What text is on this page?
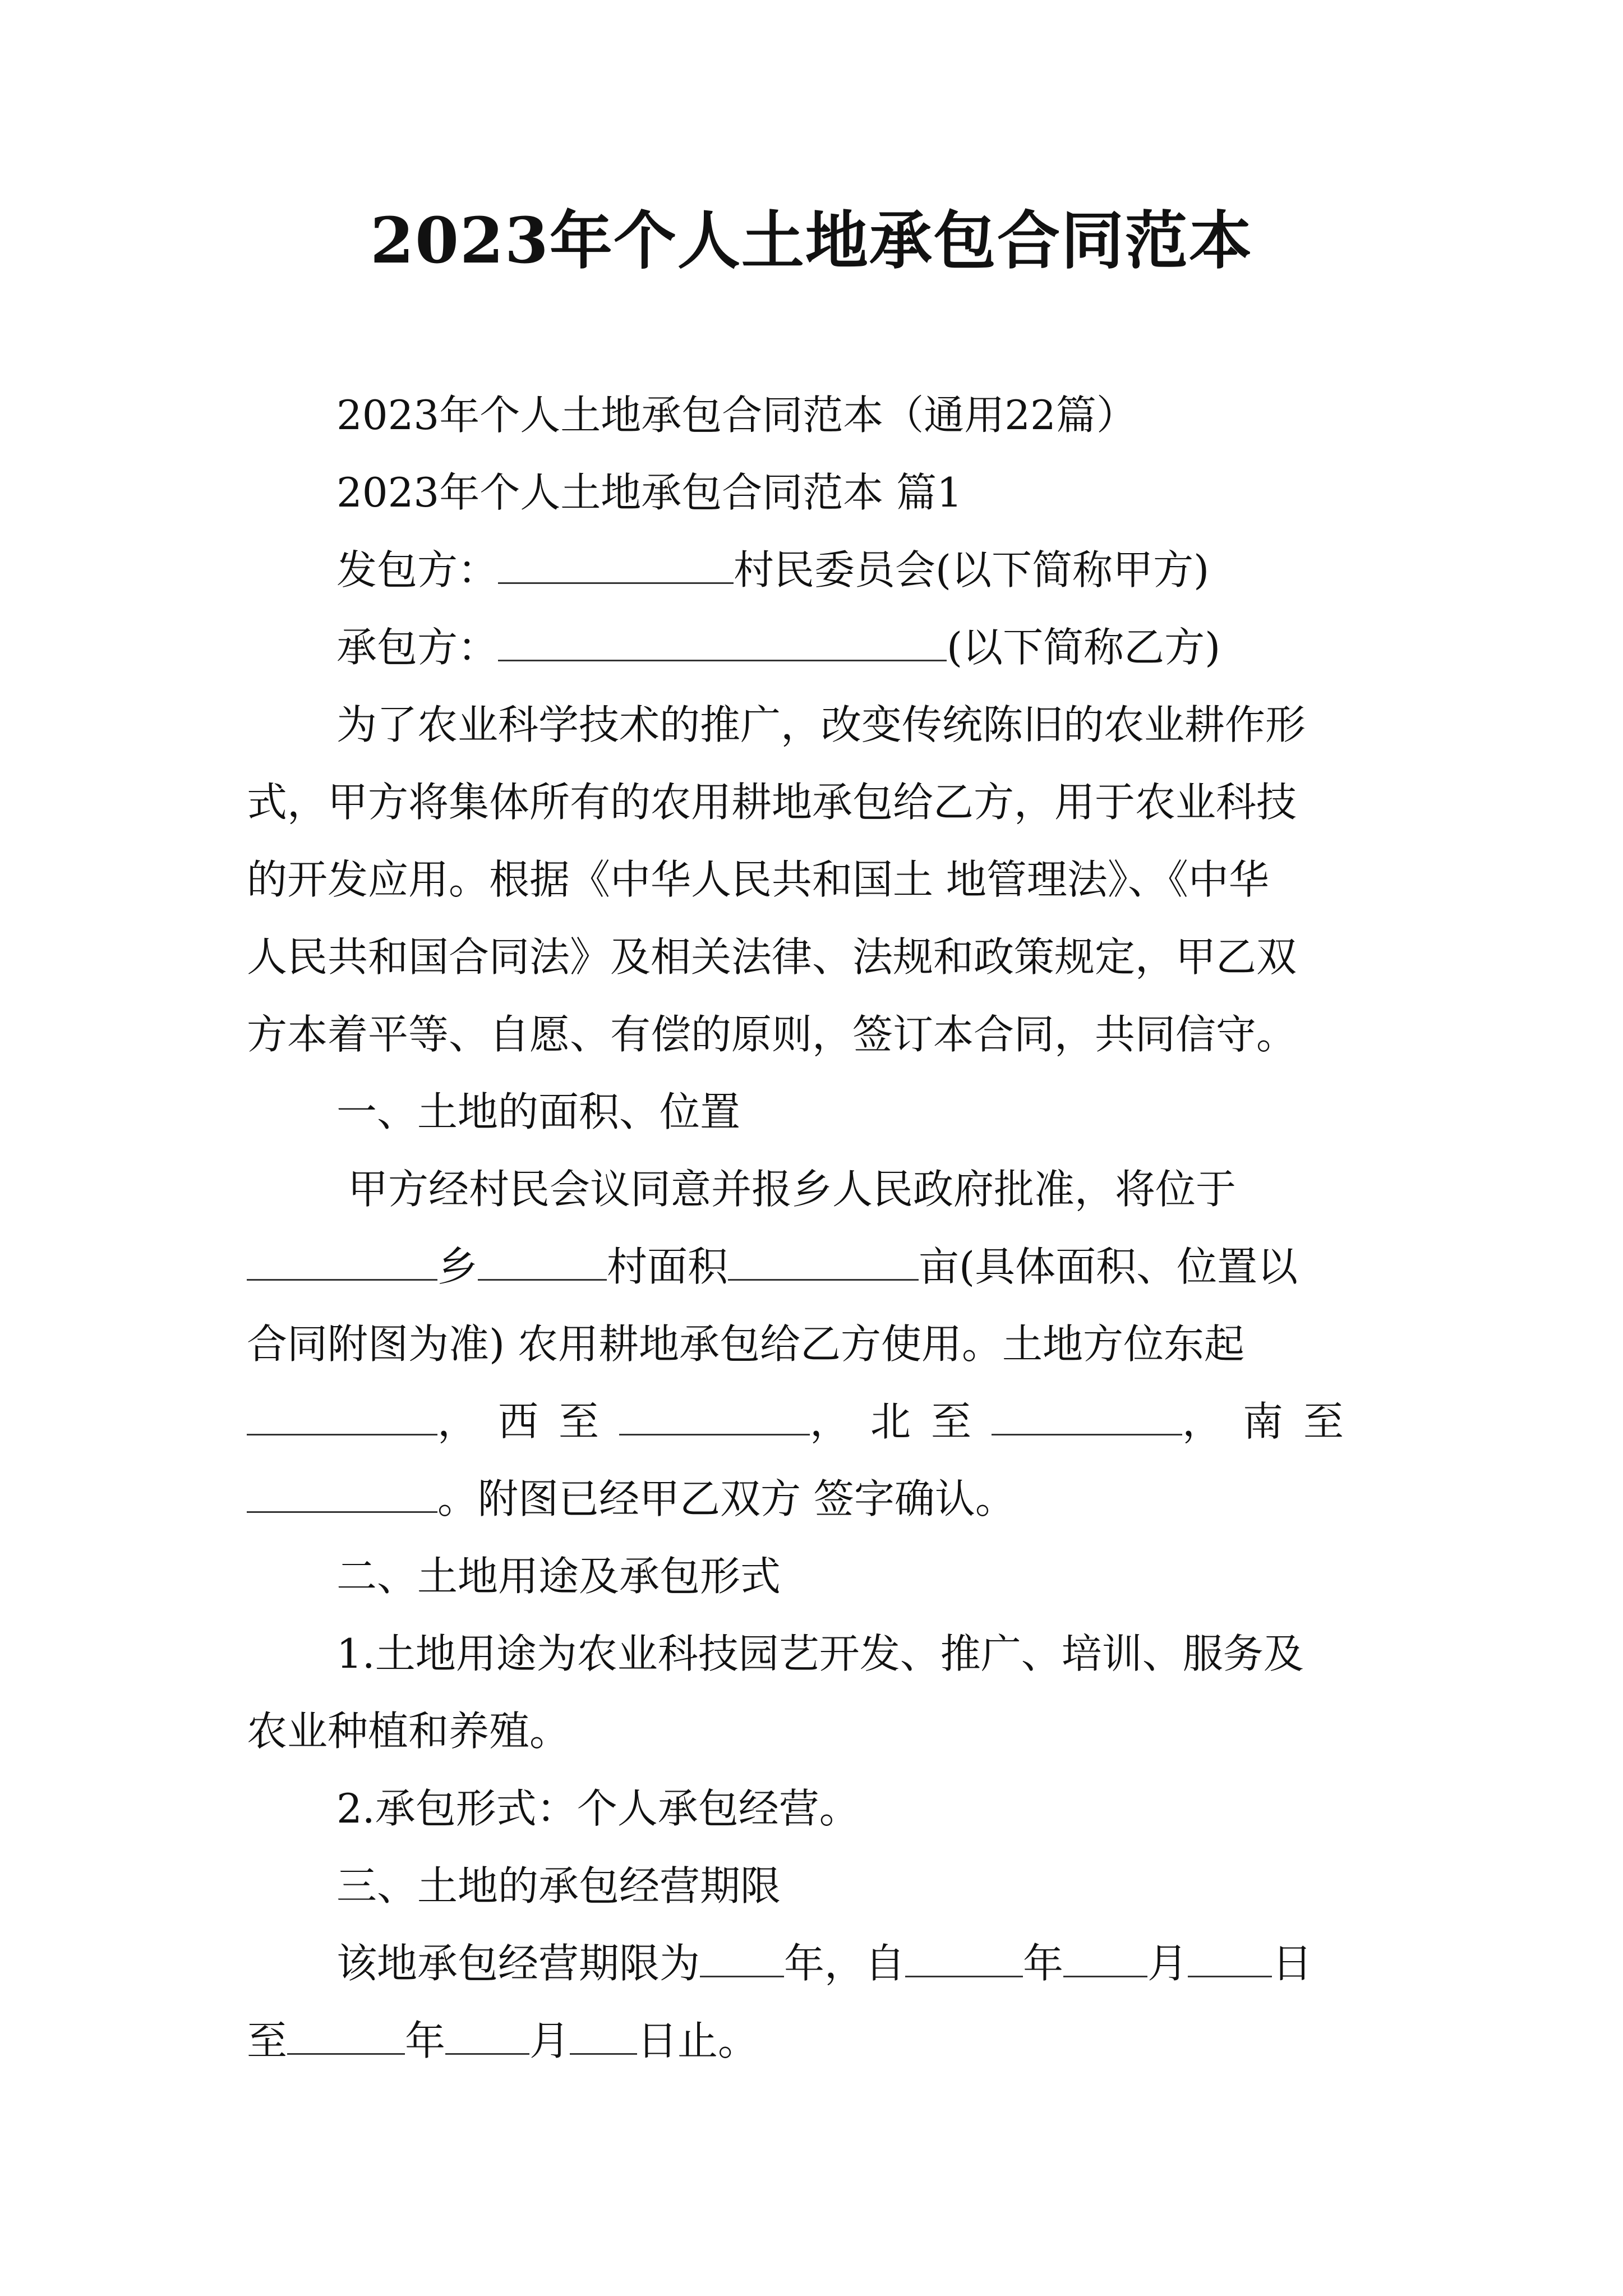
2023年个人土地承包合同范本
2023年个人土地承包合同范本（通用22篇）
2023年个人土地承包合同范本 篇1
发包方：	村民委员会(以下简称甲方)
承包方：	(以下简称乙方)
为了农业科学技术的推广，改变传统陈旧的农业耕作形
式，甲方将集体所有的农用耕地承包给乙方，用于农业科技
的开发应用。根据《中华人民共和国土 地管理法》、《中华
人民共和国合同法》及相关法律、法规和政策规定，甲乙双
方本着平等、自愿、有偿的原则，签订本合同，共同信守。
一、土地的面积、位置
甲方经村民会议同意并报乡人民政府批准，将位于
乡	村面积	亩(具体面积、位置以
合同附图为准) 农用耕地承包给乙方使用。土地方位东起
，西至	，北至	，南至
。附图已经甲乙双方 签字确认。
二、土地用途及承包形式
1.土地用途为农业科技园艺开发、推广、培训、服务及
农业种植和养殖。
2.承包形式：个人承包经营。
三、土地的承包经营期限
该地承包经营期限为 年，自	年 月 日
至	年 月 日止。
